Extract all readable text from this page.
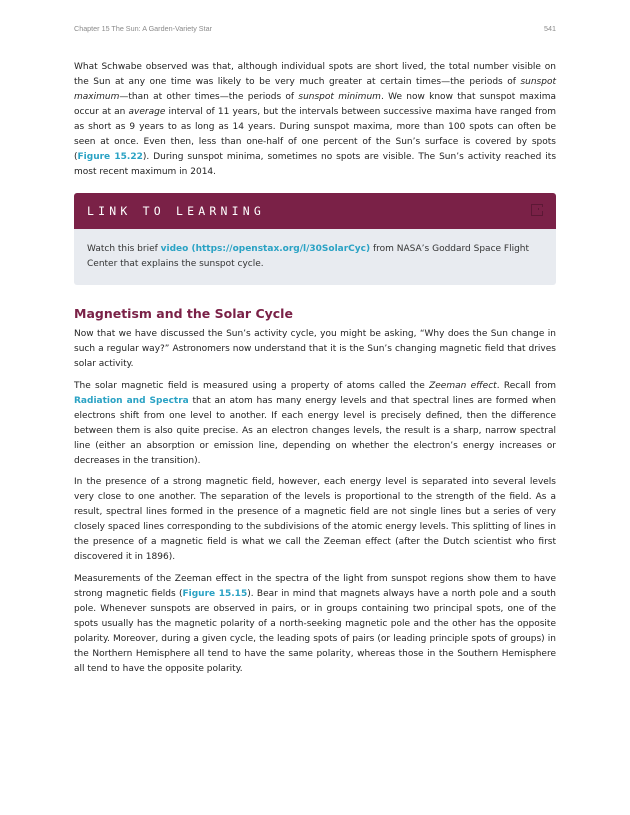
Chapter 15 The Sun: A Garden-Variety Star	541

What Schwabe observed was that, although individual spots are short lived, the total number visible on the Sun at any one time was likely to be very much greater at certain times—the periods of sunspot maximum—than at other times—the periods of sunspot minimum. We now know that sunspot maxima occur at an average interval of 11 years, but the intervals between successive maxima have ranged from as short as 9 years to as long as 14 years. During sunspot maxima, more than 100 spots can often be seen at once. Even then, less than one-half of one percent of the Sun’s surface is covered by spots (Figure 15.22). During sunspot minima, sometimes no spots are visible. The Sun’s activity reached its most recent maximum in 2014.

LINK TO LEARNING

Watch this brief video (https://openstax.org/l/30SolarCyc) from NASA’s Goddard Space Flight Center that explains the sunspot cycle.

Magnetism and the Solar Cycle

Now that we have discussed the Sun’s activity cycle, you might be asking, “Why does the Sun change in such a regular way?” Astronomers now understand that it is the Sun’s changing magnetic field that drives solar activity.

The solar magnetic field is measured using a property of atoms called the Zeeman effect. Recall from Radiation and Spectra that an atom has many energy levels and that spectral lines are formed when electrons shift from one level to another. If each energy level is precisely defined, then the difference between them is also quite precise. As an electron changes levels, the result is a sharp, narrow spectral line (either an absorption or emission line, depending on whether the electron’s energy increases or decreases in the transition).

In the presence of a strong magnetic field, however, each energy level is separated into several levels very close to one another. The separation of the levels is proportional to the strength of the field. As a result, spectral lines formed in the presence of a magnetic field are not single lines but a series of very closely spaced lines corresponding to the subdivisions of the atomic energy levels. This splitting of lines in the presence of a magnetic field is what we call the Zeeman effect (after the Dutch scientist who first discovered it in 1896).

Measurements of the Zeeman effect in the spectra of the light from sunspot regions show them to have strong magnetic fields (Figure 15.15). Bear in mind that magnets always have a north pole and a south pole. Whenever sunspots are observed in pairs, or in groups containing two principal spots, one of the spots usually has the magnetic polarity of a north-seeking magnetic pole and the other has the opposite polarity. Moreover, during a given cycle, the leading spots of pairs (or leading principle spots of groups) in the Northern Hemisphere all tend to have the same polarity, whereas those in the Southern Hemisphere all tend to have the opposite polarity.
